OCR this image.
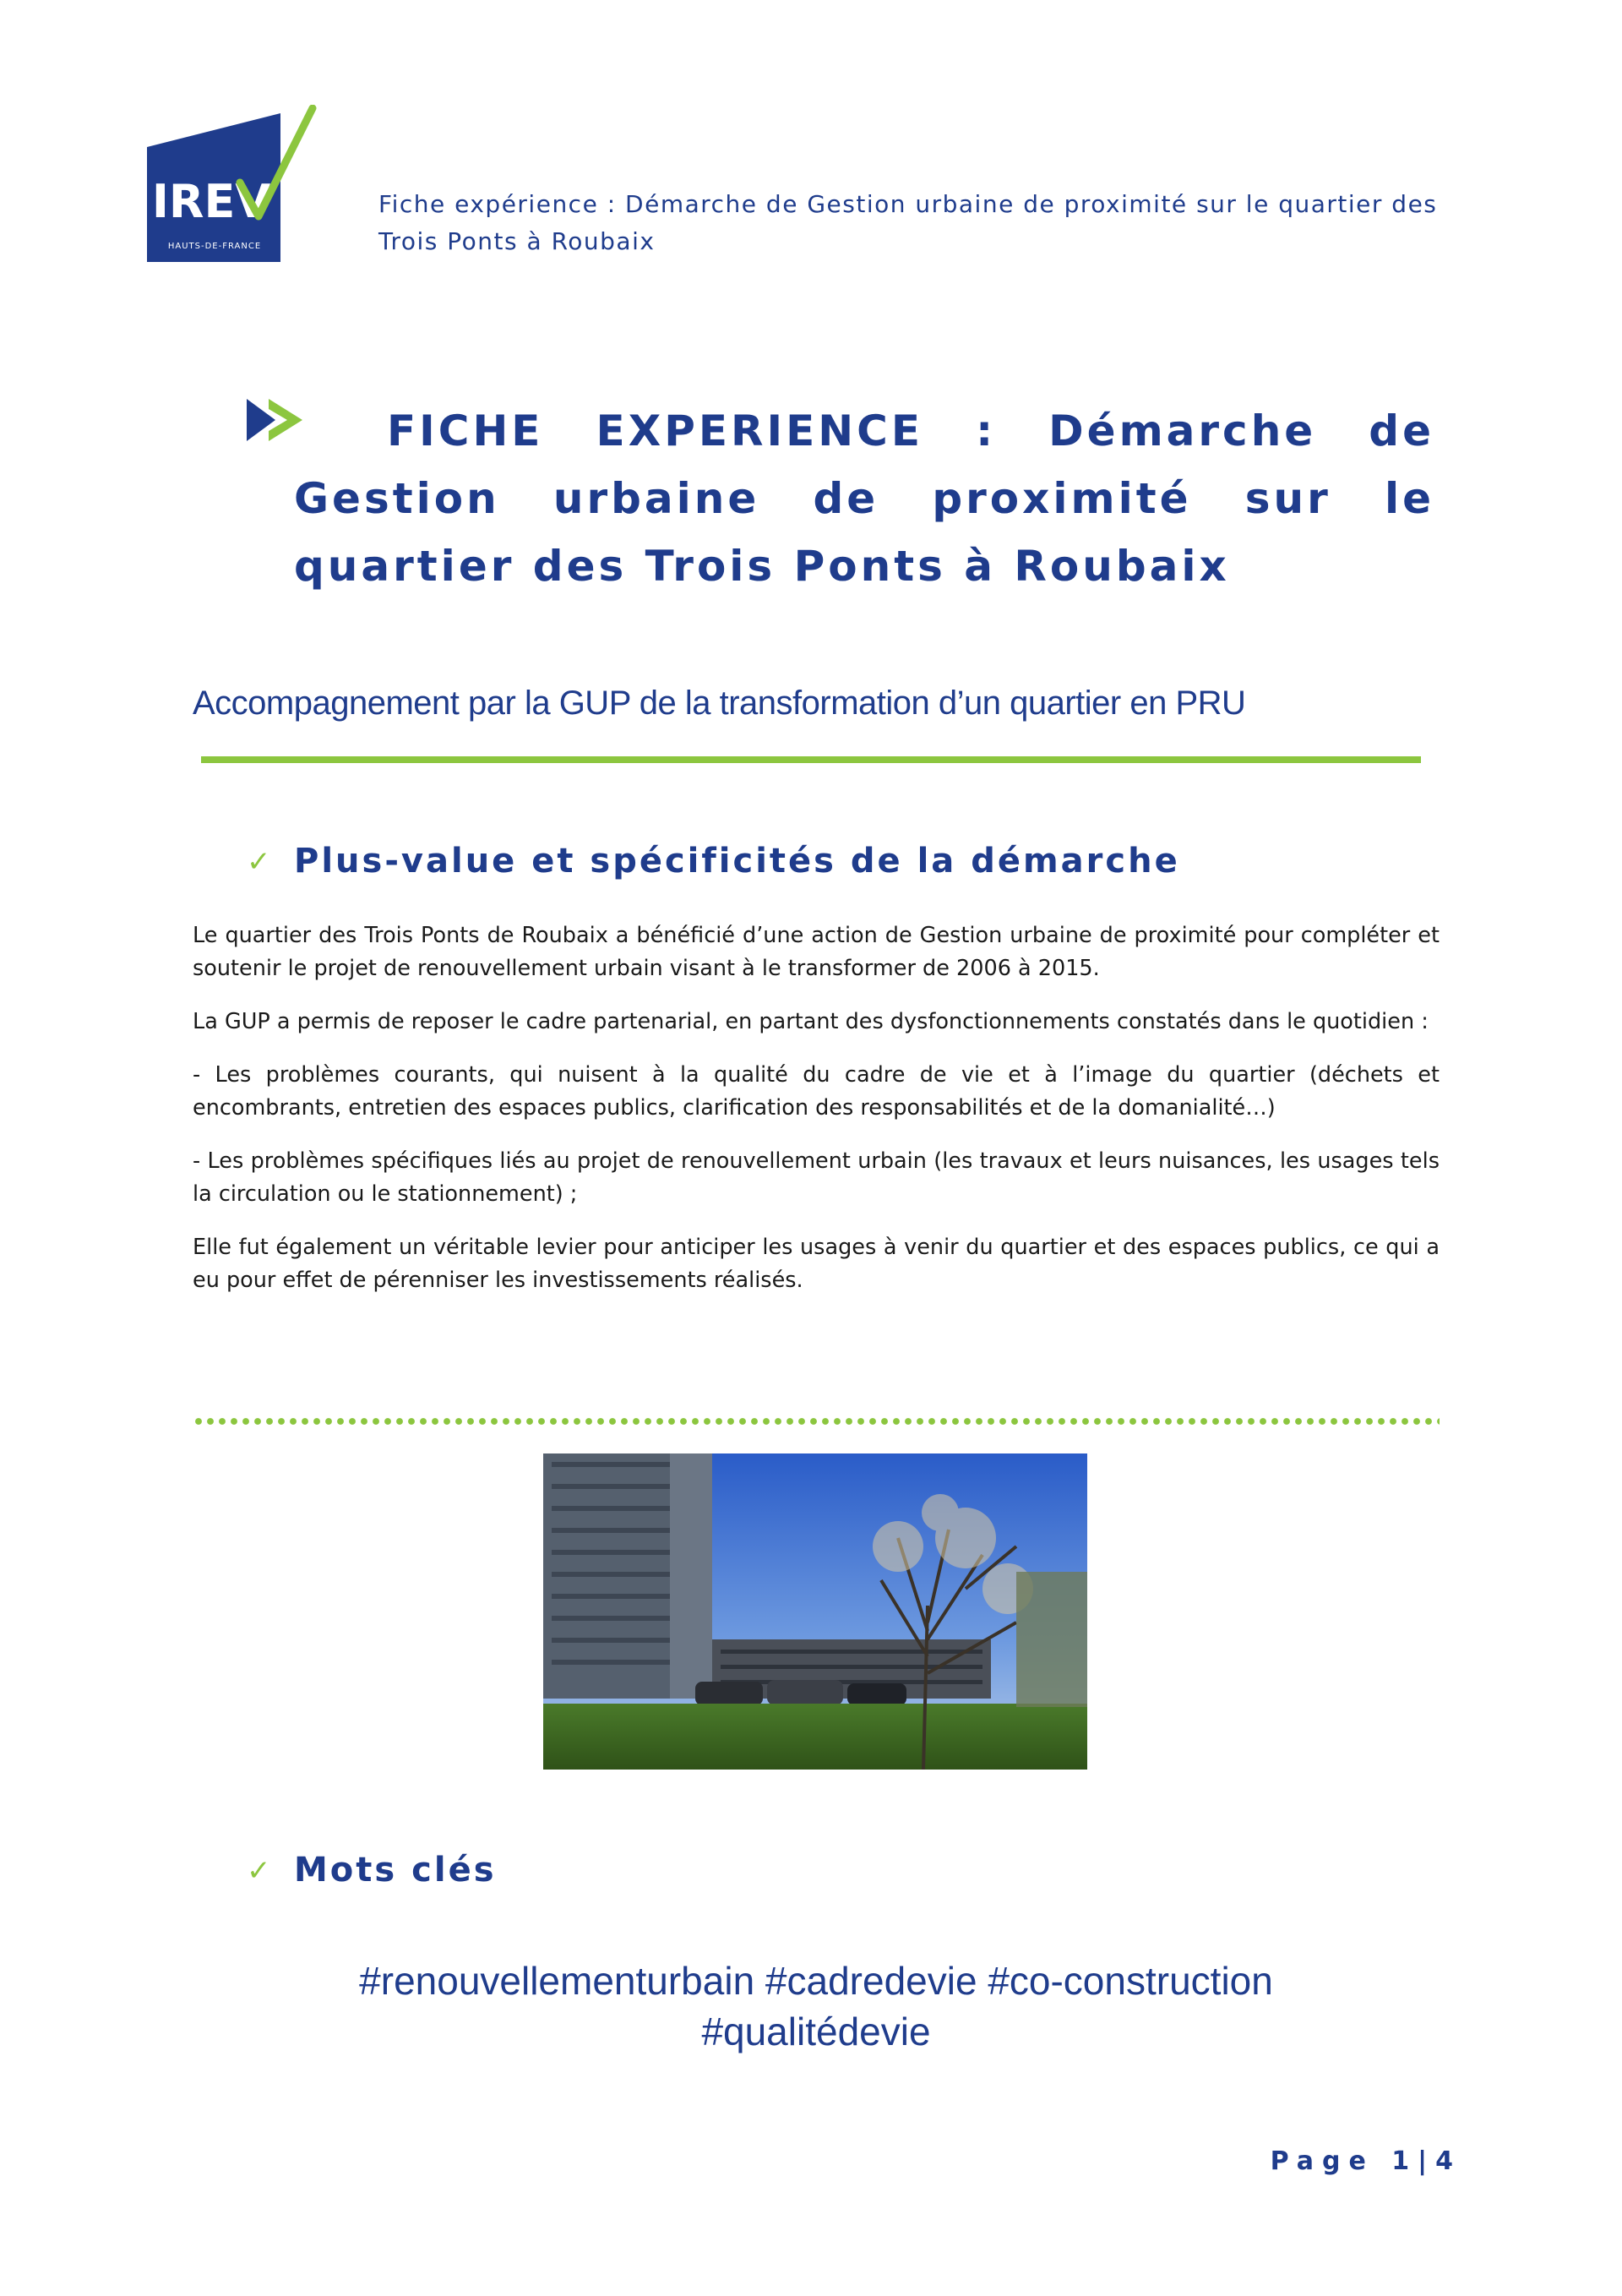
IREV
HAUTS-DE-FRANCE
Fiche expérience : Démarche de Gestion urbaine de proximité sur le quartier des Trois Ponts à Roubaix
FICHE EXPERIENCE : Démarche de Gestion urbaine de proximité sur le quartier des Trois Ponts à Roubaix
Accompagnement par la GUP de la transformation d’un quartier en PRU
✓ Plus-value et spécificités de la démarche

Le quartier des Trois Ponts de Roubaix a bénéficié d’une action de Gestion urbaine de proximité pour compléter et soutenir le projet de renouvellement urbain visant à le transformer de 2006 à 2015.

La GUP a permis de reposer le cadre partenarial, en partant des dysfonctionnements constatés dans le quotidien :

- Les problèmes courants, qui nuisent à la qualité du cadre de vie et à l’image du quartier (déchets et encombrants, entretien des espaces publics, clarification des responsabilités et de la domanialité…)

- Les problèmes spécifiques liés au projet de renouvellement urbain (les travaux et leurs nuisances, les usages tels la circulation ou le stationnement) ;

Elle fut également un véritable levier pour anticiper les usages à venir du quartier et des espaces publics, ce qui a eu pour effet de pérenniser les investissements réalisés.

✓ Mots clés
#renouvellementurbain #cadredevie #co-construction
#qualitédevie
Page 1|4
